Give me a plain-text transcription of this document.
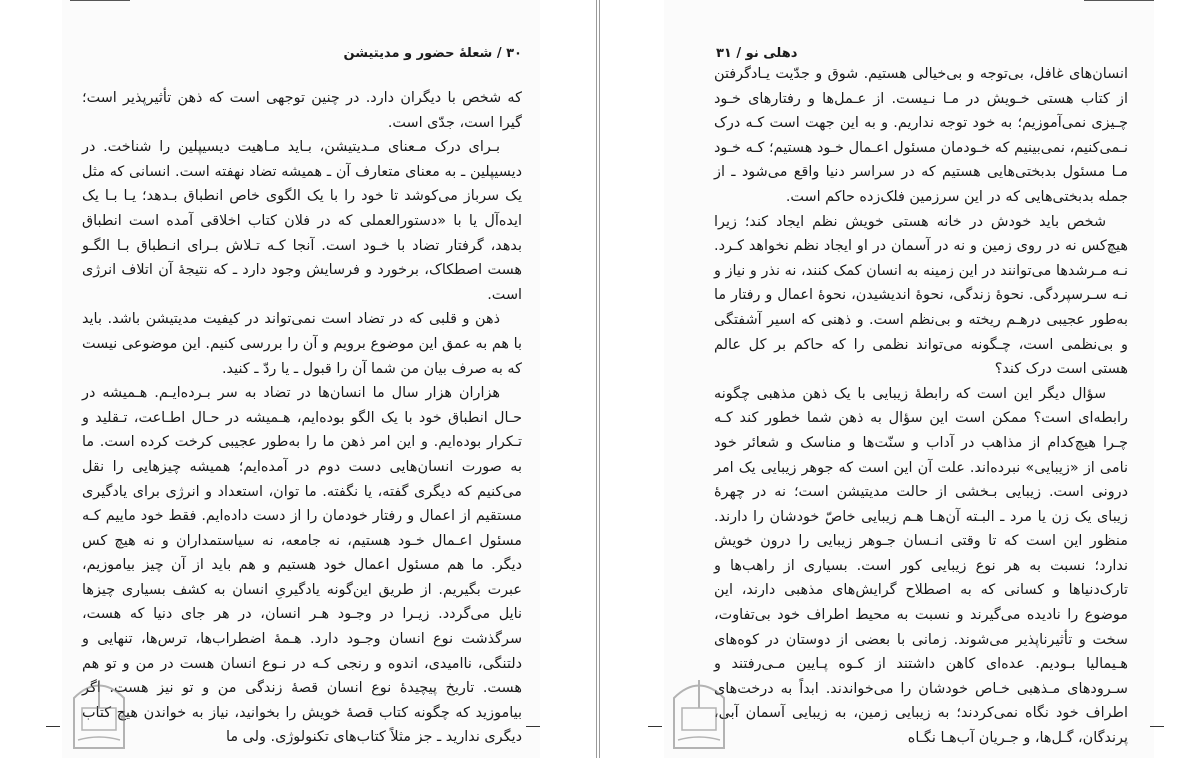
۳۰ / شعلهٔ حضور و مدیتیشن

که شخص با دیگران دارد. در چنین توجهی است که ذهن تأثیرپذیر است؛ گیرا است، جدّی است.

بـرای درک مـعنای مـدیتیشن، بـاید مـاهیت دیسیپلین را شناخت. در دیسیپلین ـ به معنای متعارف آن ـ همیشه تضاد نهفته است. انسانی که مثل یک سرباز می‌کوشد تا خود را با یک الگوی خاص انطباق بـدهد؛ یـا بـا یک ایده‌آل یا با «دستورالعملی که در فلان کتاب اخلاقی آمده است انطباق بدهد، گرفتار تضاد با خـود است. آنجا کـه تـلاش بـرای انـطباق بـا الگـو هست اصطکاک، برخورد و فرسایش وجود دارد ـ که نتیجهٔ آن اتلاف انرژی است.

ذهن و قلبی که در تضاد است نمی‌تواند در کیفیت مدیتیشن باشد. باید با هم به عمق این موضوع برویم و آن را بررسی کنیم. این موضوعی نیست که به صرف بیان من شما آن را قبول ـ یا ردّ ـ کنید.

هزاران هزار سال ما انسان‌ها در تضاد به سر بـرده‌ایـم. هـمیشه در حـال انطباق خود با یک الگو بوده‌ایم، هـمیشه در حـال اطـاعت، تـقلید و تـکرار بوده‌ایم. و این امر ذهن ما را به‌طور عجیبی کرخت کرده است. ما به صورت انسان‌هایی دست دوم در آمده‌ایم؛ همیشه چیزهایی را نقل می‌کنیم که دیگری گفته، یا نگفته. ما توان، استعداد و انرژی برای یادگیری مستقیم از اعمال و رفتار خودمان را از دست داده‌ایم. فقط خود ماییم کـه مسئول اعـمال خـود هستیم، نه جامعه، نه سیاستمداران و نه هیچ کس دیگر. ما هم مسئول اعمال خود هستیم و هم باید از آن چیز بیاموزیم، عبرت بگیریم. از طریق این‌گونه یادگیریِ انسان به کشف بسیاری چیزها نایل می‌گردد. زیـرا در وجـود هـر انسان، در هر جای دنیا که هست، سرگذشت نوع انسان وجـود دارد. هـمهٔ اضطراب‌ها، ترس‌ها، تنهایی و دلتنگی، ناامیدی، اندوه و رنجی کـه در نـوع انسان هست در من و تو هم هست. تاریخ پیچیدهٔ نوع انسان قصهٔ زندگی من و تو نیز هست. اگر بیاموزید که چگونه کتاب قصهٔ خویش را بخوانید، نیاز به خواندن هیچ کتاب دیگری ندارید ـ جز مثلاً کتاب‌های تکنولوژی. ولی ما

دهلی نو / ۳۱

انسان‌های غافل، بی‌توجه و بی‌خیالی هستیم. شوق و جدّیت یـادگرفتن از کتاب هستی خـویش در مـا نـیست. از عـمل‌ها و رفتارهای خـود چـیزی نمی‌آموزیم؛ به خود توجه نداریم. و به این جهت است کـه درک نـمی‌کنیم، نمی‌بینیم که خـودمان مسئول اعـمال خـود هستیم؛ کـه خـود مـا مسئول بدبختی‌هایی هستیم که در سراسر دنیا واقع می‌شود ـ از جمله بدبختی‌هایی که در این سرزمین فلک‌زده حاکم است.

شخص باید خودش در خانه هستی خویش نظم ایجاد کند؛ زیرا هیچ‌کس نه در روی زمین و نه در آسمان در او ایجاد نظم نخواهد کـرد. نـه مـرشدها می‌توانند در این زمینه به انسان کمک کنند، نه نذر و نیاز و نـه سـرسپردگی. نحوهٔ زندگی، نحوهٔ اندیشیدن، نحوهٔ اعمال و رفتار ما به‌طور عجیبی درهـم ریخته و بی‌نظم است. و ذهنی که اسیر آشفتگی و بی‌نظمی است، چـگونه می‌تواند نظمی را که حاکم بر کل عالم هستی است درک کند؟

سؤال دیگر این است که رابطهٔ زیبایی با یک ذهن مذهبی چگونه رابطه‌ای است؟ ممکن است این سؤال به ذهن شما خطور کند کـه چـرا هیچ‌کدام از مذاهب در آداب و سنّت‌ها و مناسک و شعائر خود نامی از «زیبایی» نبرده‌اند. علت آن این است که جوهر زیبایی یک امر درونی است. زیبایی بـخشی از حالت مدیتیشن است؛ نه در چهرهٔ زیبای یک زن یا مرد ـ البـته آن‌هـا هـم زیبایی خاصّ خودشان را دارند. منظور این است که تا وقتی انـسان جـوهر زیبایی را درون خویش ندارد؛ نسبت به هر نوع زیبایی کور است. بسیاری از راهب‌ها و تارک‌دنیاها و کسانی که به اصطلاح گرایش‌های مذهبی دارند، این موضوع را نادیده می‌گیرند و نسبت به محیط اطراف خود بی‌تفاوت، سخت و تأثیرناپذیر می‌شوند. زمانی با بعضی از دوستان در کوه‌های هـیمالیا بـودیم. عده‌ای کاهن داشتند از کـوه پـایین مـی‌رفتند و سـرودهای مـذهبی خـاص خودشان را می‌خواندند. ابداً به درخت‌های اطراف خود نگاه نمی‌کردند؛ به زیبایی زمین، به زیبایی آسمان آبی، پرندگان، گـل‌ها، و جـریان آب‌هـا نگـاه
